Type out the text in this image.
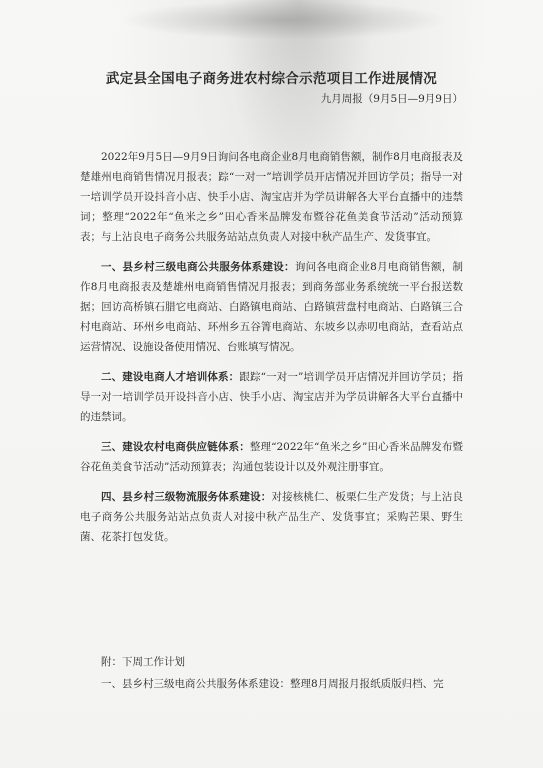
武定县全国电子商务进农村综合示范项目工作进展情况

九月周报（9月5日—9月9日）

2022年9月5日—9月9日询问各电商企业8月电商销售额，制作8月电商报表及楚雄州电商销售情况月报表；踪“一对一”培训学员开店情况并回访学员；指导一对一培训学员开设抖音小店、快手小店、淘宝店并为学员讲解各大平台直播中的违禁词；整理“2022年“鱼米之乡”田心香米品牌发布暨谷花鱼美食节活动”活动预算表；与上沾良电子商务公共服务站站点负责人对接中秋产品生产、发货事宜。

一、县乡村三级电商公共服务体系建设：询问各电商企业8月电商销售额，制作8月电商报表及楚雄州电商销售情况月报表；到商务部业务系统统一平台报送数据；回访高桥镇石腊它电商站、白路镇电商站、白路镇营盘村电商站、白路镇三合村电商站、环州乡电商站、环州乡五谷箐电商站、东坡乡以赤叨电商站，查看站点运营情况、设施设备使用情况、台账填写情况。

二、建设电商人才培训体系：跟踪“一对一”培训学员开店情况并回访学员；指导一对一培训学员开设抖音小店、快手小店、淘宝店并为学员讲解各大平台直播中的违禁词。

三、建设农村电商供应链体系：整理“2022年“鱼米之乡”田心香米品牌发布暨谷花鱼美食节活动”活动预算表；沟通包装设计以及外观注册事宜。

四、县乡村三级物流服务体系建设：对接核桃仁、板栗仁生产发货；与上沾良电子商务公共服务站站点负责人对接中秋产品生产、发货事宜；采购芒果、野生菌、花茶打包发货。

附：下周工作计划

一、县乡村三级电商公共服务体系建设：整理8月周报月报纸质版归档、完
